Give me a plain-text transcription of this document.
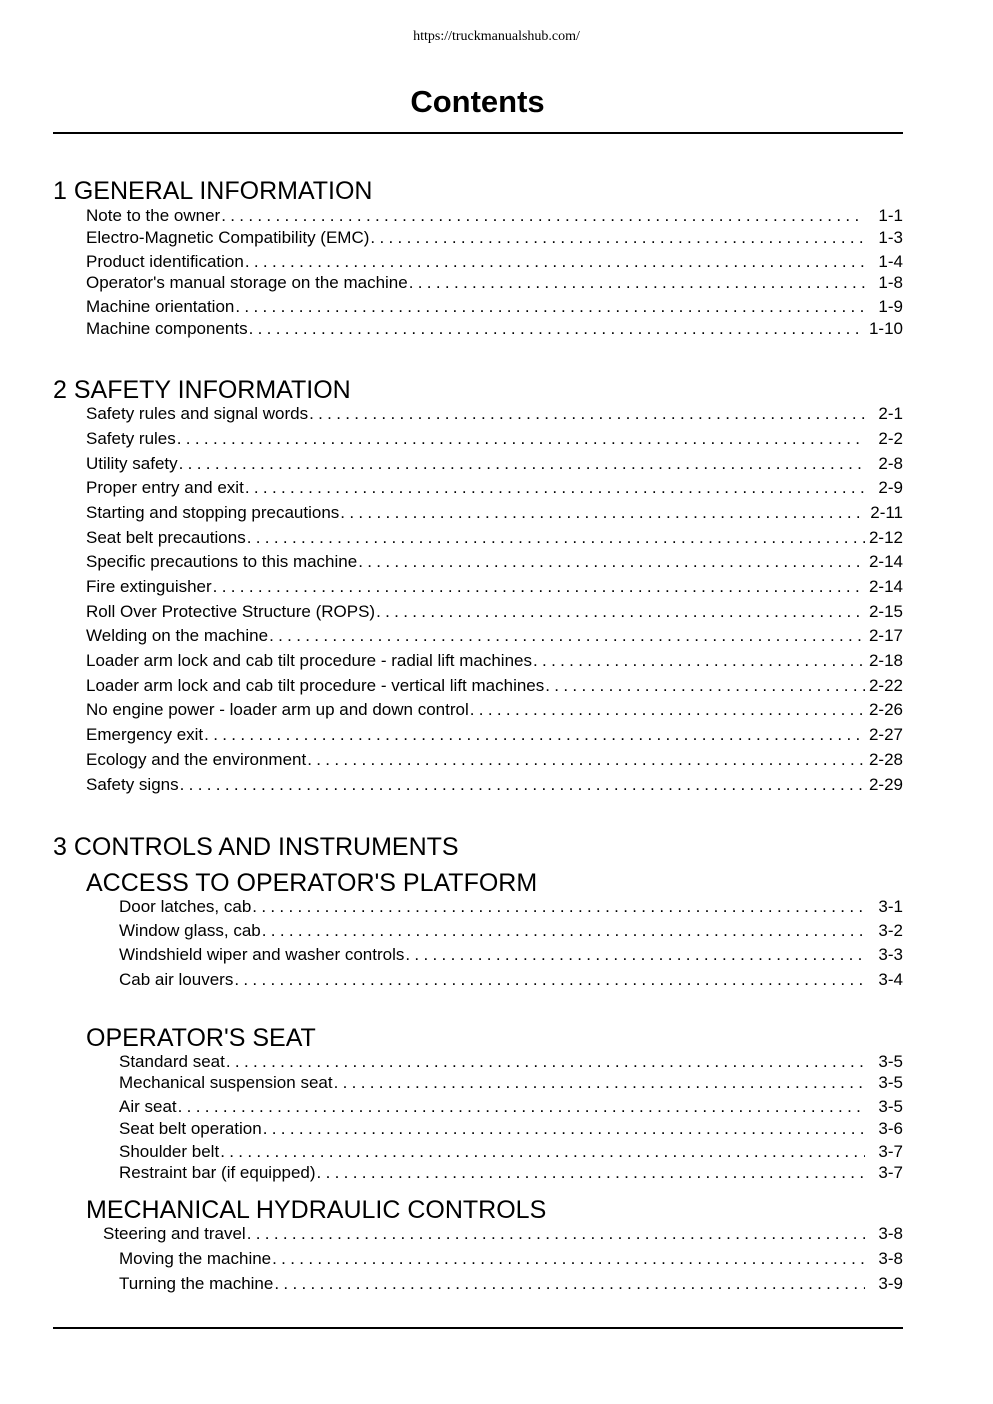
https://truckmanualshub.com/
Contents
1 GENERAL INFORMATION
Note to the owner . . .	1-1
Electro-Magnetic Compatibility (EMC) . . .	1-3
Product identification . . .	1-4
Operator's manual storage on the machine . . .	1-8
Machine orientation . . .	1-9
Machine components . . .	1-10
2 SAFETY INFORMATION
Safety rules and signal words . . .	2-1
Safety rules . . .	2-2
Utility safety . . .	2-8
Proper entry and exit . . .	2-9
Starting and stopping precautions . . .	2-11
Seat belt precautions . . .	2-12
Specific precautions to this machine . . .	2-14
Fire extinguisher . . .	2-14
Roll Over Protective Structure (ROPS) . . .	2-15
Welding on the machine . . .	2-17
Loader arm lock and cab tilt procedure - radial lift machines . . .	2-18
Loader arm lock and cab tilt procedure - vertical lift machines . . .	2-22
No engine power - loader arm up and down control . . .	2-26
Emergency exit . . .	2-27
Ecology and the environment . . .	2-28
Safety signs . . .	2-29
3 CONTROLS AND INSTRUMENTS
ACCESS TO OPERATOR'S PLATFORM
Door latches, cab . . .	3-1
Window glass, cab . . .	3-2
Windshield wiper and washer controls . . .	3-3
Cab air louvers . . .	3-4
OPERATOR'S SEAT
Standard seat . . .	3-5
Mechanical suspension seat . . .	3-5
Air seat . . .	3-5
Seat belt operation . . .	3-6
Shoulder belt . . .	3-7
Restraint bar (if equipped) . . .	3-7
MECHANICAL HYDRAULIC CONTROLS
Steering and travel . . .	3-8
Moving the machine . . .	3-8
Turning the machine . . .	3-9
